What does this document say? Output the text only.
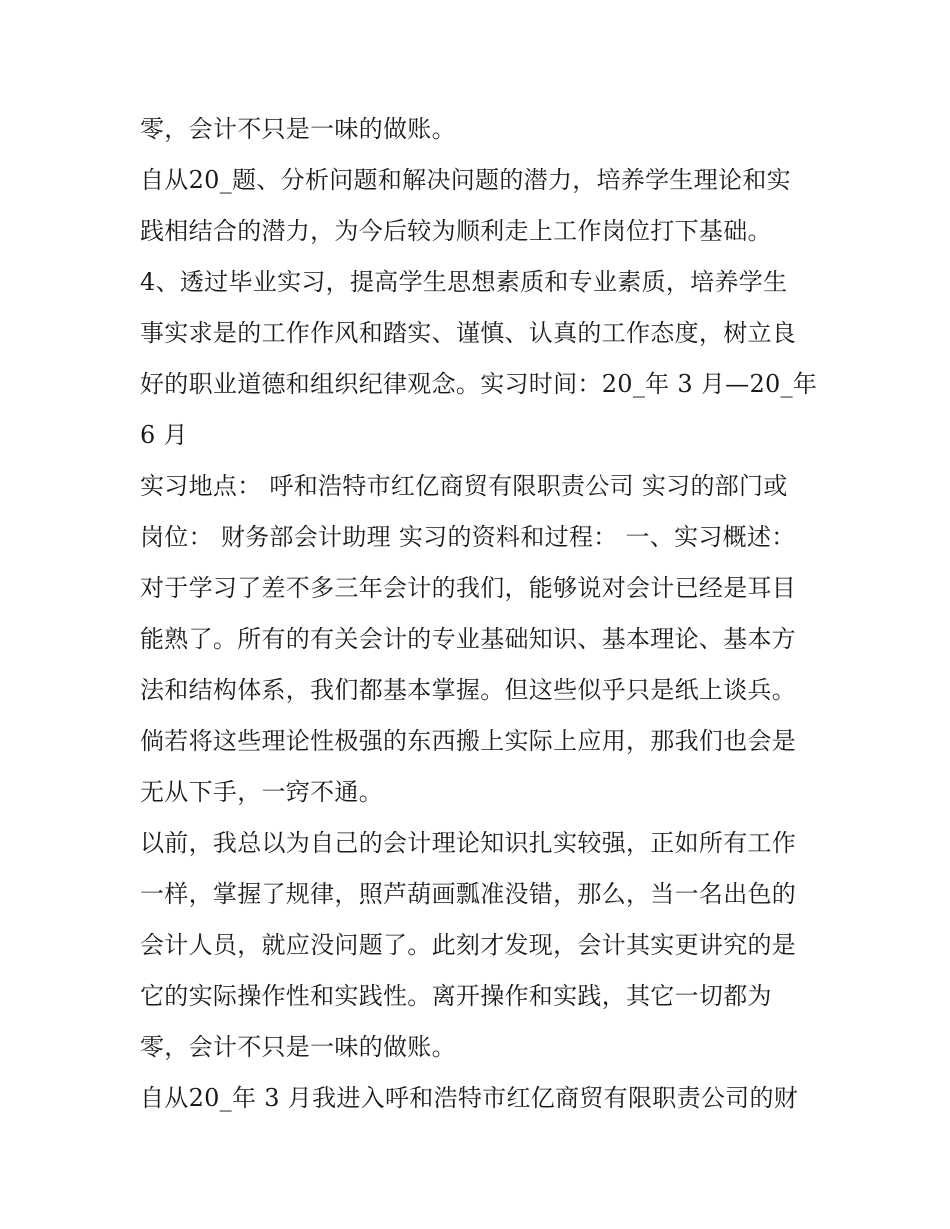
零，会计不只是一味的做账。
自从20_题、分析问题和解决问题的潜力，培养学生理论和实
践相结合的潜力，为今后较为顺利走上工作岗位打下基础。
4、透过毕业实习，提高学生思想素质和专业素质，培养学生
事实求是的工作作风和踏实、谨慎、认真的工作态度，树立良
好的职业道德和组织纪律观念。实习时间：20_年 3 月—20_年
6 月
实习地点： 呼和浩特市红亿商贸有限职责公司 实习的部门或
岗位： 财务部会计助理 实习的资料和过程： 一、实习概述：
对于学习了差不多三年会计的我们，能够说对会计已经是耳目
能熟了。所有的有关会计的专业基础知识、基本理论、基本方
法和结构体系，我们都基本掌握。但这些似乎只是纸上谈兵。
倘若将这些理论性极强的东西搬上实际上应用，那我们也会是
无从下手，一窍不通。
以前，我总以为自己的会计理论知识扎实较强，正如所有工作
一样，掌握了规律，照芦葫画瓢准没错，那么，当一名出色的
会计人员，就应没问题了。此刻才发现，会计其实更讲究的是
它的实际操作性和实践性。离开操作和实践，其它一切都为
零，会计不只是一味的做账。
自从20_年 3 月我进入呼和浩特市红亿商贸有限职责公司的财
